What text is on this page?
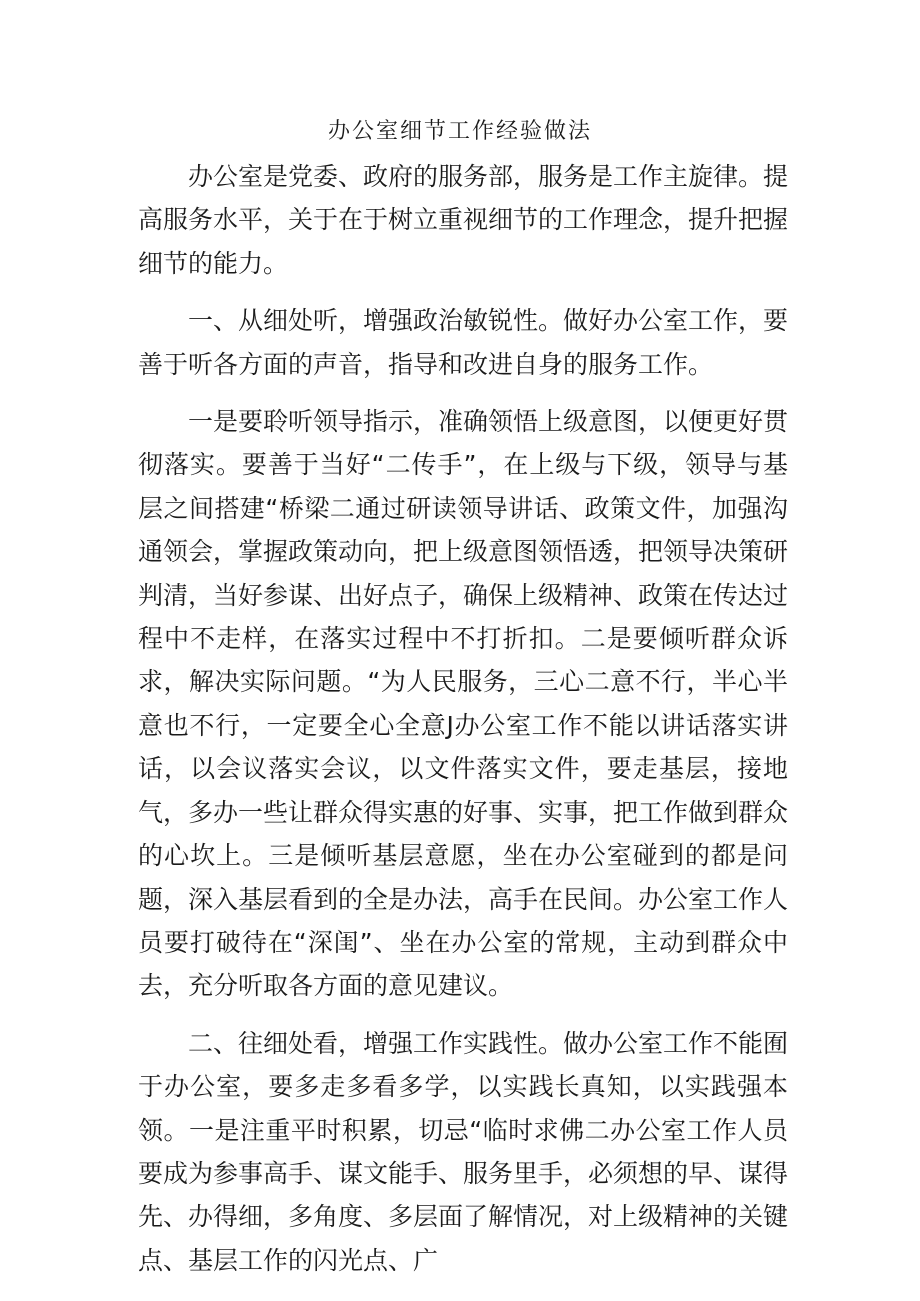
办公室细节工作经验做法

办公室是党委、政府的服务部，服务是工作主旋律。提高服务水平，关于在于树立重视细节的工作理念，提升把握细节的能力。

一、从细处听，增强政治敏锐性。做好办公室工作，要善于听各方面的声音，指导和改进自身的服务工作。

一是要聆听领导指示，准确领悟上级意图，以便更好贯彻落实。要善于当好“二传手”，在上级与下级，领导与基层之间搭建“桥梁二通过研读领导讲话、政策文件，加强沟通领会，掌握政策动向，把上级意图领悟透，把领导决策研判清，当好参谋、出好点子，确保上级精神、政策在传达过程中不走样，在落实过程中不打折扣。二是要倾听群众诉求，解决实际问题。“为人民服务，三心二意不行，半心半意也不行，一定要全心全意J办公室工作不能以讲话落实讲话，以会议落实会议，以文件落实文件，要走基层，接地气，多办一些让群众得实惠的好事、实事，把工作做到群众的心坎上。三是倾听基层意愿，坐在办公室碰到的都是问题，深入基层看到的全是办法，高手在民间。办公室工作人员要打破待在“深闺”、坐在办公室的常规，主动到群众中去，充分听取各方面的意见建议。

二、往细处看，增强工作实践性。做办公室工作不能囿于办公室，要多走多看多学，以实践长真知，以实践强本领。一是注重平时积累，切忌“临时求佛二办公室工作人员要成为参事高手、谋文能手、服务里手，必须想的早、谋得先、办得细，多角度、多层面了解情况，对上级精神的关键点、基层工作的闪光点、广
